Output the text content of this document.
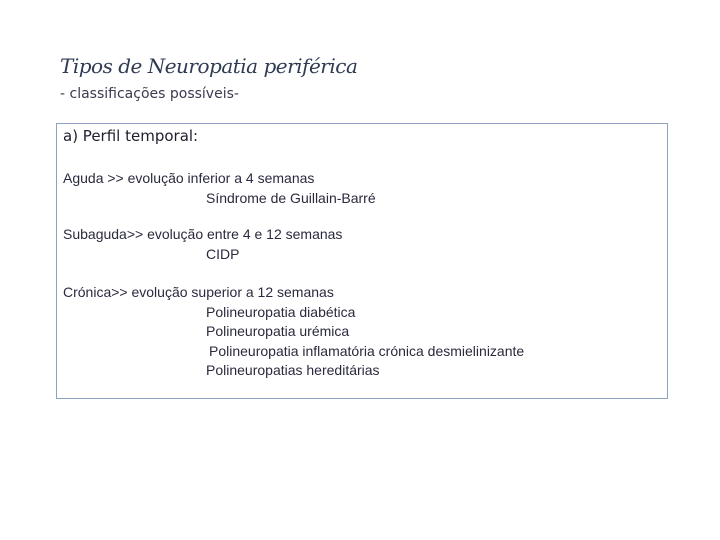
Tipos de Neuropatia periférica
- classificações possíveis-
a) Perfil temporal:
Aguda >> evolução inferior a 4 semanas
Síndrome de Guillain-Barré
Subaguda>> evolução entre 4 e 12 semanas
CIDP
Crónica>> evolução superior a 12 semanas
Polineuropatia diabética
Polineuropatia urémica
Polineuropatia inflamatória crónica desmielinizante
Polineuropatias hereditárias
